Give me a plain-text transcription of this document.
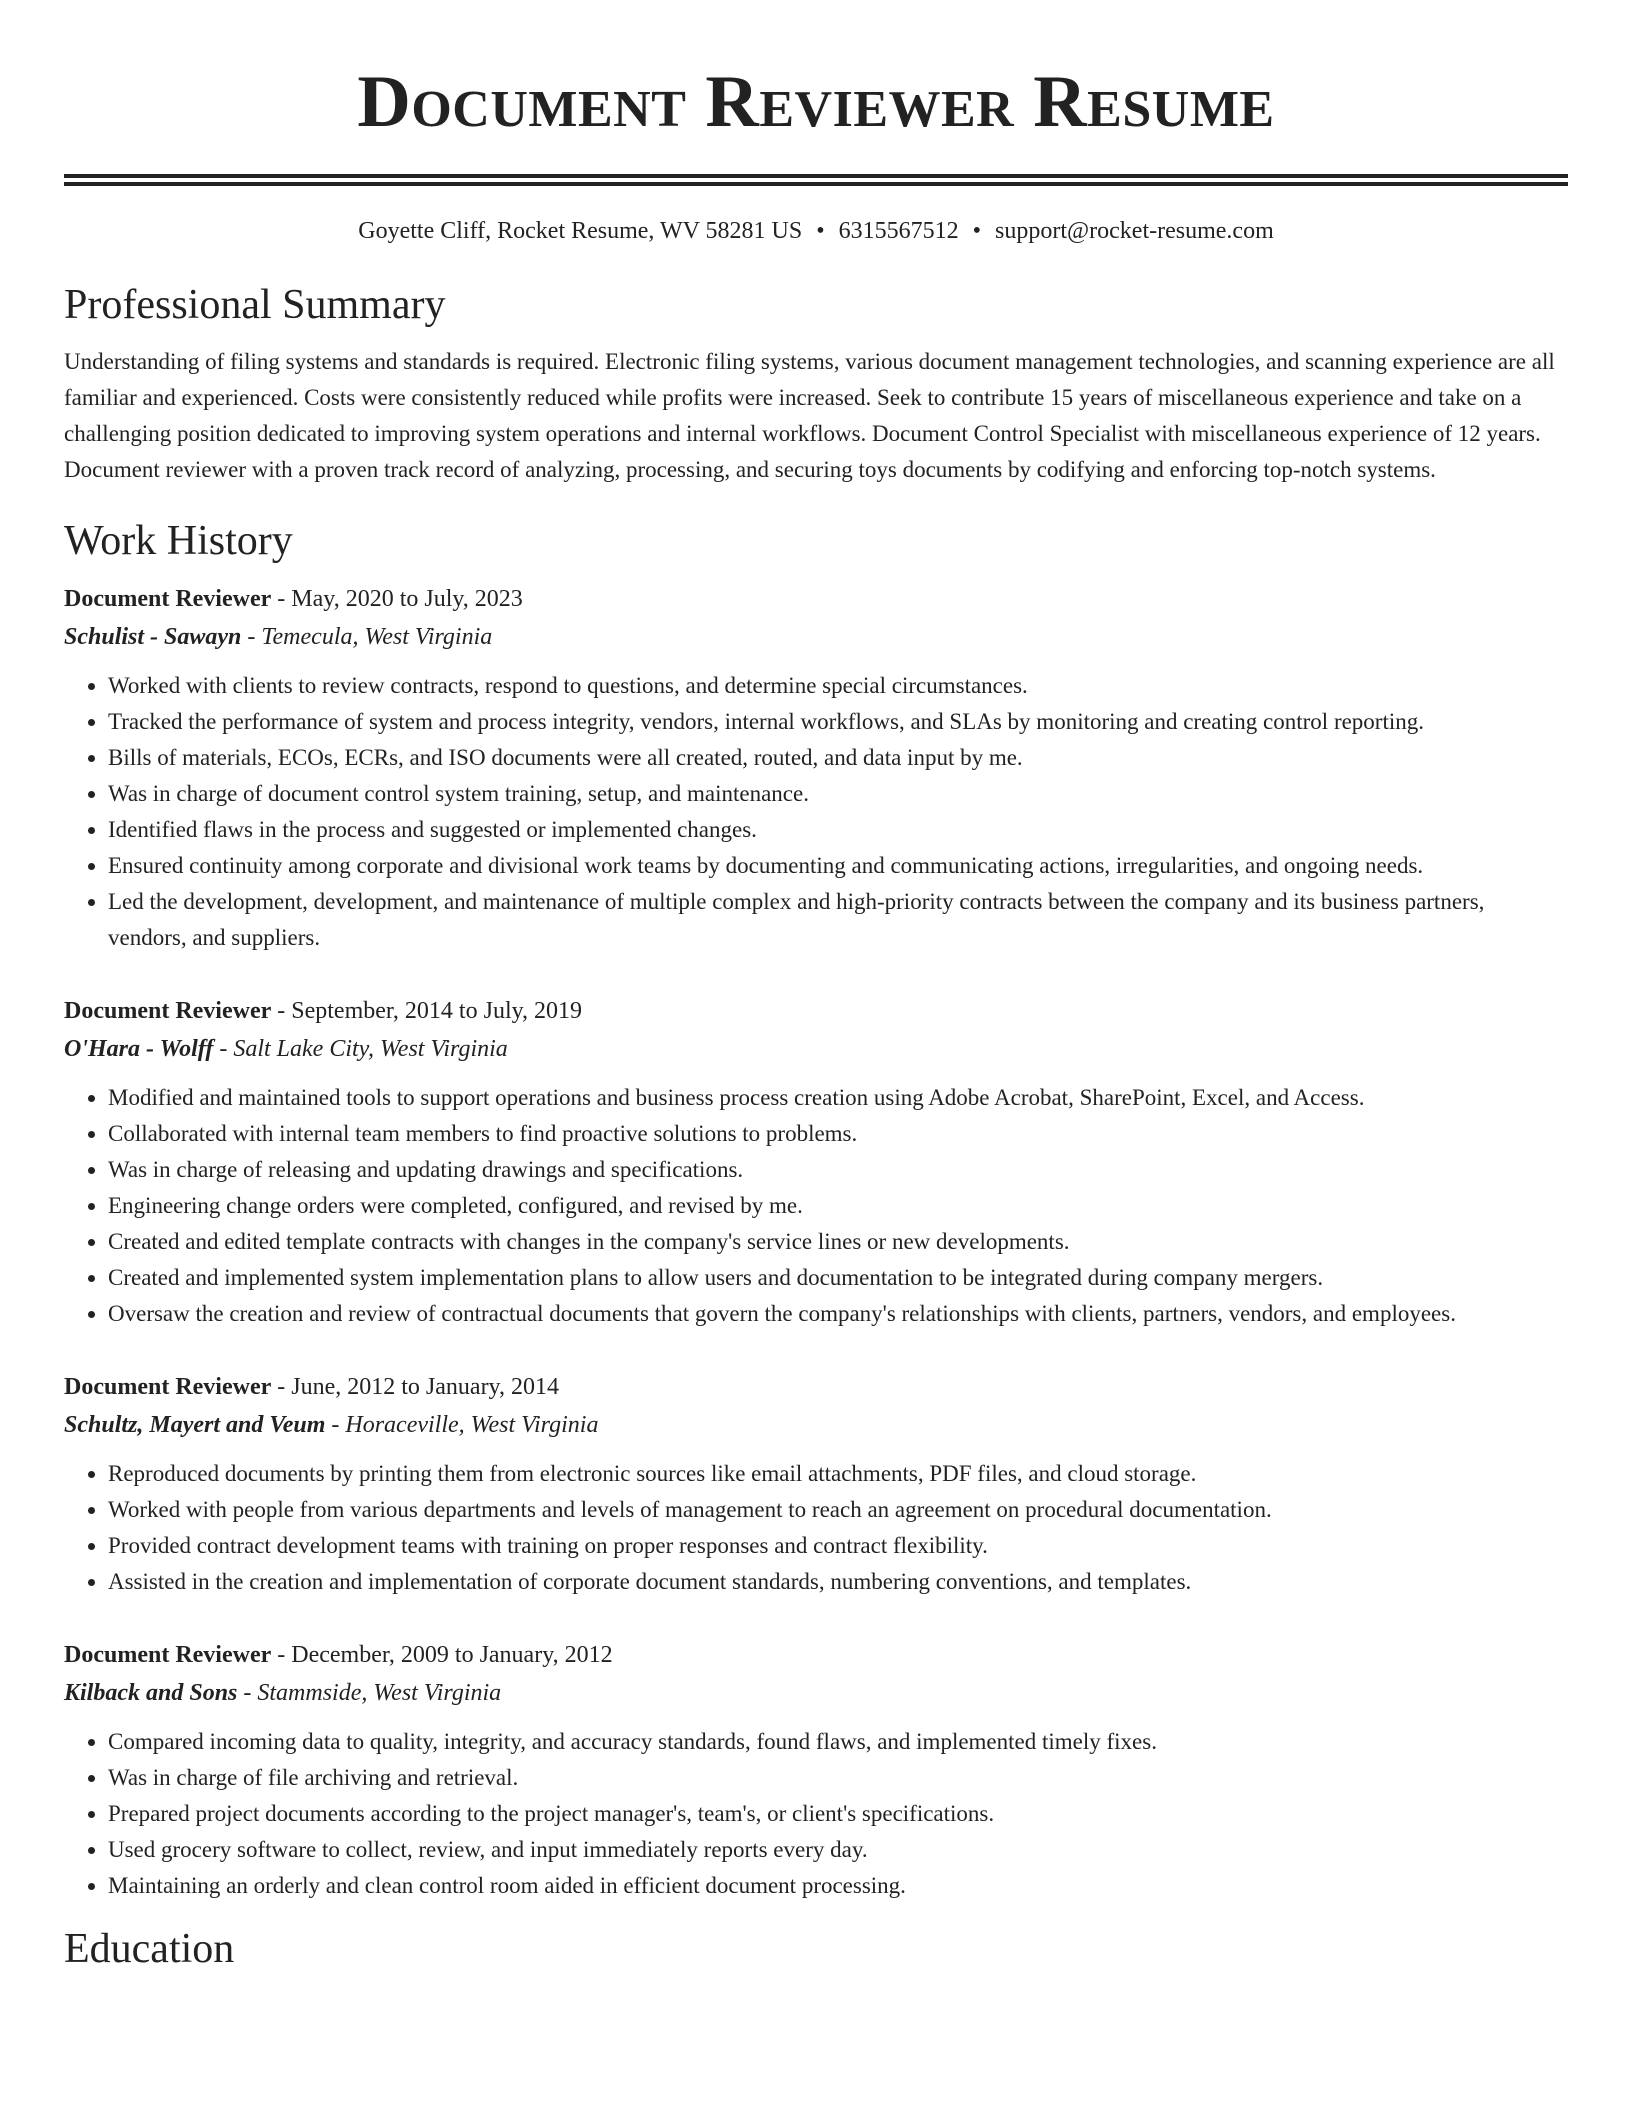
Document Reviewer Resume
Goyette Cliff, Rocket Resume, WV 58281 US • 6315567512 • support@rocket-resume.com
Professional Summary

Understanding of filing systems and standards is required. Electronic filing systems, various document management technologies, and scanning experience are all familiar and experienced. Costs were consistently reduced while profits were increased. Seek to contribute 15 years of miscellaneous experience and take on a challenging position dedicated to improving system operations and internal workflows. Document Control Specialist with miscellaneous experience of 12 years. Document reviewer with a proven track record of analyzing, processing, and securing toys documents by codifying and enforcing top-notch systems.

Work History
Document Reviewer - May, 2020 to July, 2023
Schulist - Sawayn - Temecula, West Virginia
• Worked with clients to review contracts, respond to questions, and determine special circumstances.
• Tracked the performance of system and process integrity, vendors, internal workflows, and SLAs by monitoring and creating control reporting.
• Bills of materials, ECOs, ECRs, and ISO documents were all created, routed, and data input by me.
• Was in charge of document control system training, setup, and maintenance.
• Identified flaws in the process and suggested or implemented changes.
• Ensured continuity among corporate and divisional work teams by documenting and communicating actions, irregularities, and ongoing needs.
• Led the development, development, and maintenance of multiple complex and high-priority contracts between the company and its business partners, vendors, and suppliers.
Document Reviewer - September, 2014 to July, 2019
O'Hara - Wolff - Salt Lake City, West Virginia
• Modified and maintained tools to support operations and business process creation using Adobe Acrobat, SharePoint, Excel, and Access.
• Collaborated with internal team members to find proactive solutions to problems.
• Was in charge of releasing and updating drawings and specifications.
• Engineering change orders were completed, configured, and revised by me.
• Created and edited template contracts with changes in the company's service lines or new developments.
• Created and implemented system implementation plans to allow users and documentation to be integrated during company mergers.
• Oversaw the creation and review of contractual documents that govern the company's relationships with clients, partners, vendors, and employees.
Document Reviewer - June, 2012 to January, 2014
Schultz, Mayert and Veum - Horaceville, West Virginia
• Reproduced documents by printing them from electronic sources like email attachments, PDF files, and cloud storage.
• Worked with people from various departments and levels of management to reach an agreement on procedural documentation.
• Provided contract development teams with training on proper responses and contract flexibility.
• Assisted in the creation and implementation of corporate document standards, numbering conventions, and templates.
Document Reviewer - December, 2009 to January, 2012
Kilback and Sons - Stammside, West Virginia
• Compared incoming data to quality, integrity, and accuracy standards, found flaws, and implemented timely fixes.
• Was in charge of file archiving and retrieval.
• Prepared project documents according to the project manager's, team's, or client's specifications.
• Used grocery software to collect, review, and input immediately reports every day.
• Maintaining an orderly and clean control room aided in efficient document processing.
Education
